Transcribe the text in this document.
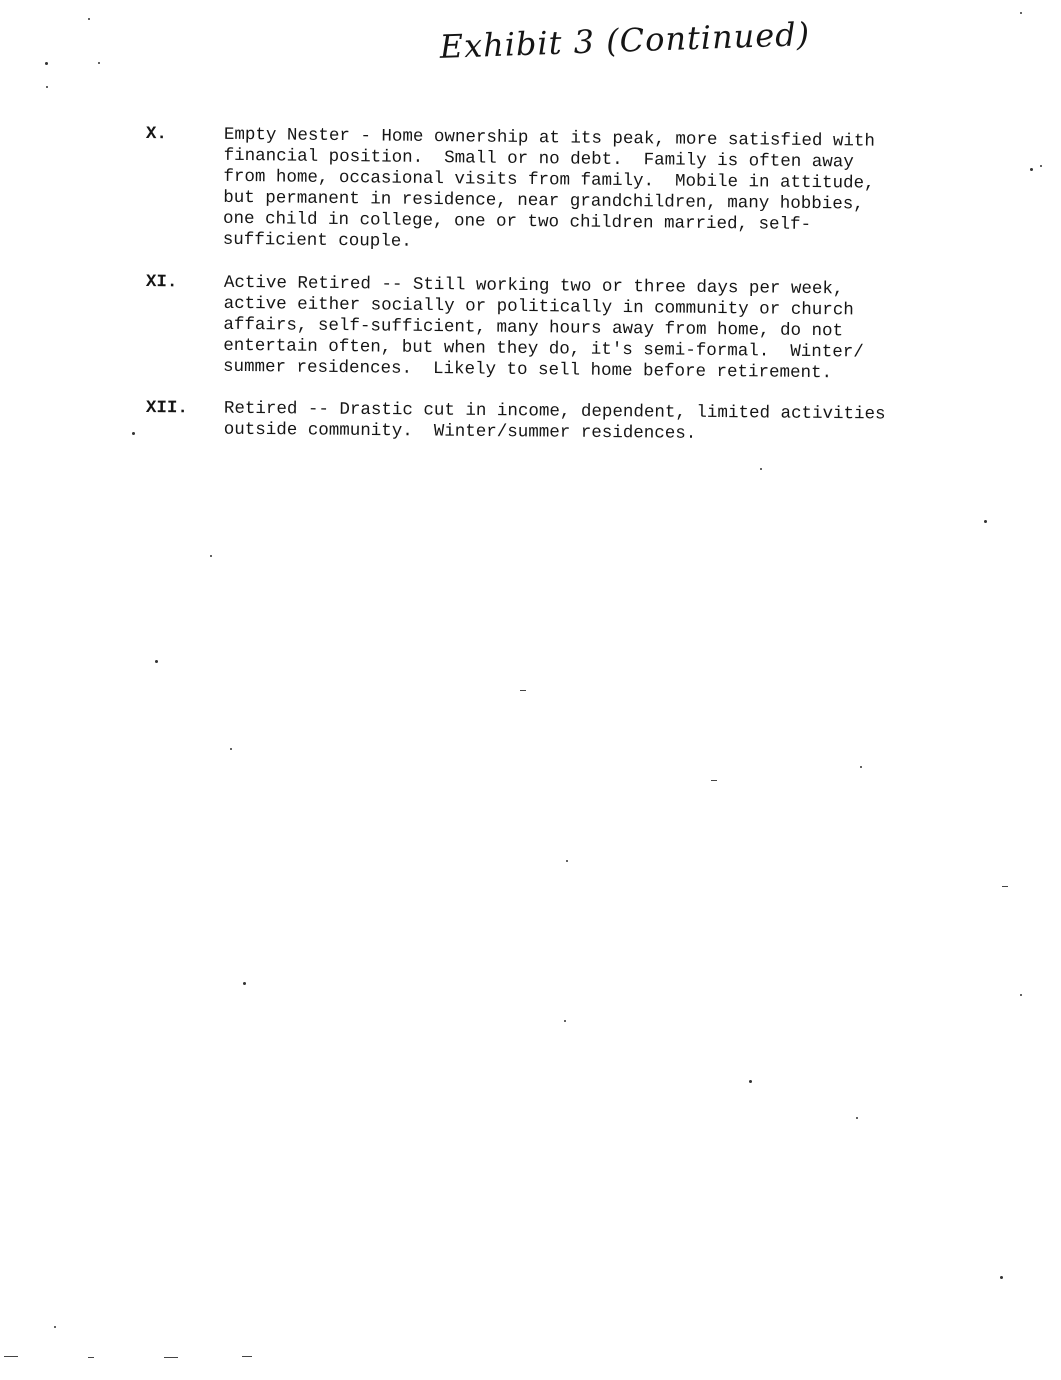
Exhibit 3 (Continued)
X.	Empty Nester - Home ownership at its peak, more satisfied with
financial position.  Small or no debt.  Family is often away
from home, occasional visits from family.  Mobile in attitude,
but permanent in residence, near grandchildren, many hobbies,
one child in college, one or two children married, self-
sufficient couple.
XI.	Active Retired -- Still working two or three days per week,
active either socially or politically in community or church
affairs, self-sufficient, many hours away from home, do not
entertain often, but when they do, it's semi-formal.  Winter/
summer residences.  Likely to sell home before retirement.
XII.	Retired -- Drastic cut in income, dependent, limited activities
outside community.  Winter/summer residences.
